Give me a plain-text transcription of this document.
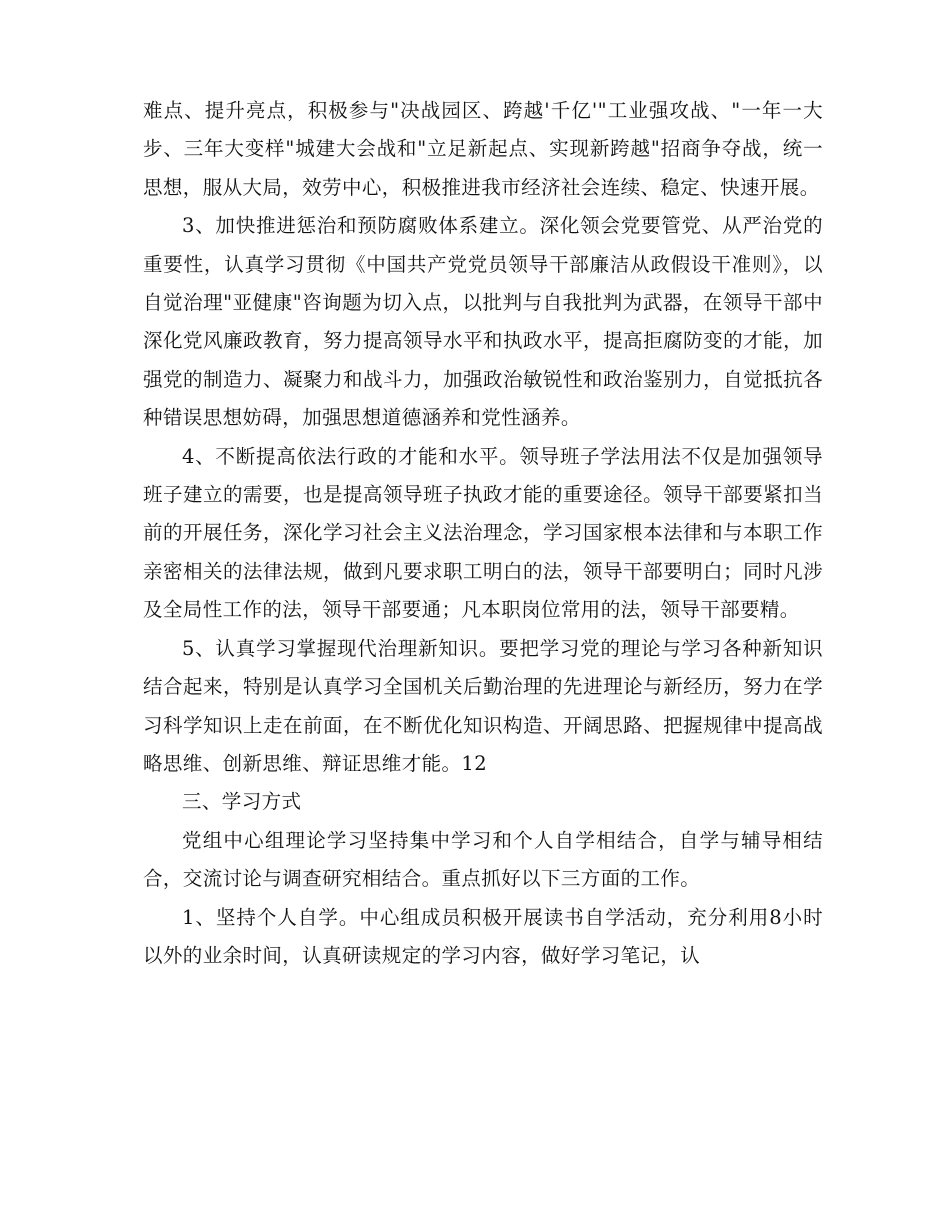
难点、提升亮点，积极参与"决战园区、跨越'千亿'"工业强攻战、"一年一大步、三年大变样"城建大会战和"立足新起点、实现新跨越"招商争夺战，统一思想，服从大局，效劳中心，积极推进我市经济社会连续、稳定、快速开展。

3、加快推进惩治和预防腐败体系建立。深化领会党要管党、从严治党的重要性，认真学习贯彻《中国共产党党员领导干部廉洁从政假设干准则》，以自觉治理"亚健康"咨询题为切入点，以批判与自我批判为武器，在领导干部中深化党风廉政教育，努力提高领导水平和执政水平，提高拒腐防变的才能，加强党的制造力、凝聚力和战斗力，加强政治敏锐性和政治鉴别力，自觉抵抗各种错误思想妨碍，加强思想道德涵养和党性涵养。

4、不断提高依法行政的才能和水平。领导班子学法用法不仅是加强领导班子建立的需要，也是提高领导班子执政才能的重要途径。领导干部要紧扣当前的开展任务，深化学习社会主义法治理念，学习国家根本法律和与本职工作亲密相关的法律法规，做到凡要求职工明白的法，领导干部要明白；同时凡涉及全局性工作的法，领导干部要通；凡本职岗位常用的法，领导干部要精。

5、认真学习掌握现代治理新知识。要把学习党的理论与学习各种新知识结合起来，特别是认真学习全国机关后勤治理的先进理论与新经历，努力在学习科学知识上走在前面，在不断优化知识构造、开阔思路、把握规律中提高战略思维、创新思维、辩证思维才能。12

三、学习方式

党组中心组理论学习坚持集中学习和个人自学相结合，自学与辅导相结合，交流讨论与调查研究相结合。重点抓好以下三方面的工作。

1、坚持个人自学。中心组成员积极开展读书自学活动，充分利用8小时以外的业余时间，认真研读规定的学习内容，做好学习笔记，认
